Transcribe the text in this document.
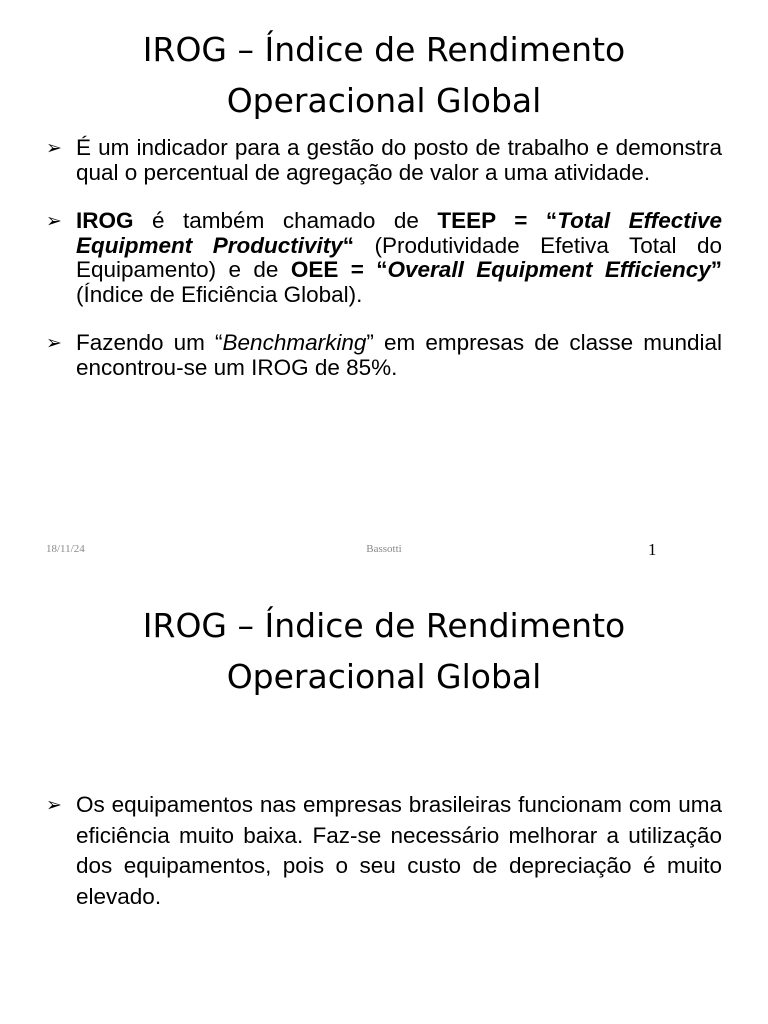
IROG – Índice de Rendimento
Operacional Global
➢ É um indicador para a gestão do posto de trabalho e demonstra qual o percentual de agregação de valor a uma atividade.
➢ IROG é também chamado de TEEP = “Total Effective Equipment Productivity“ (Produtividade Efetiva Total do Equipamento) e de OEE = “Overall Equipment Efficiency” (Índice de Eficiência Global).
➢ Fazendo um “Benchmarking” em empresas de classe mundial encontrou-se um IROG de 85%.
18/11/24	Bassotti	1
IROG – Índice de Rendimento
Operacional Global
➢ Os equipamentos nas empresas brasileiras funcionam com uma eficiência muito baixa. Faz-se necessário melhorar a utilização dos equipamentos, pois o seu custo de depreciação é muito elevado.
